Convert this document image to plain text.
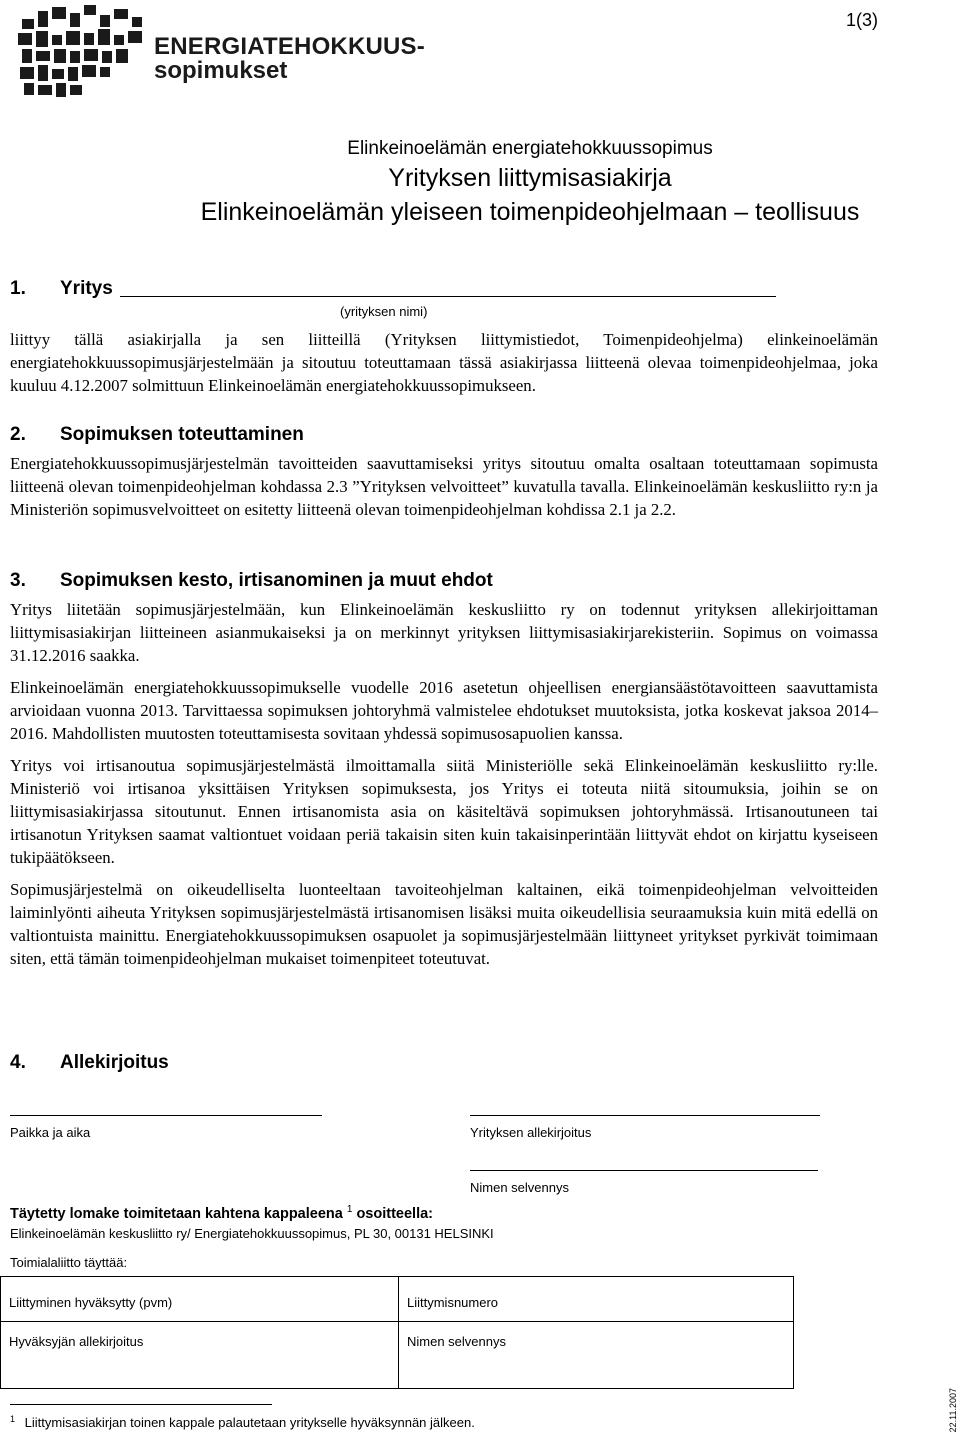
ENERGIATEHOKKUUS-
sopimukset
1(3)
Elinkeinoelämän energiatehokkuussopimus
Yrityksen liittymisasiakirja
Elinkeinoelämän yleiseen toimenpideohjelmaan – teollisuus
1. Yritys
(yrityksen nimi)

liittyy tällä asiakirjalla ja sen liitteillä (Yrityksen liittymistiedot, Toimenpideohjelma) elinkeinoelämän energiatehokkuussopimusjärjestelmään ja sitoutuu toteuttamaan tässä asiakirjassa liitteenä olevaa toimenpideohjelmaa, joka kuuluu 4.12.2007 solmittuun Elinkeinoelämän energiatehokkuussopimukseen.

2. Sopimuksen toteuttaminen

Energiatehokkuussopimusjärjestelmän tavoitteiden saavuttamiseksi yritys sitoutuu omalta osaltaan toteuttamaan sopimusta liitteenä olevan toimenpideohjelman kohdassa 2.3 ”Yrityksen velvoitteet” kuvatulla tavalla. Elinkeinoelämän keskusliitto ry:n ja Ministeriön sopimusvelvoitteet on esitetty liitteenä olevan toimenpideohjelman kohdissa 2.1 ja 2.2.

3. Sopimuksen kesto, irtisanominen ja muut ehdot

Yritys liitetään sopimusjärjestelmään, kun Elinkeinoelämän keskusliitto ry on todennut yrityksen allekirjoittaman liittymisasiakirjan liitteineen asianmukaiseksi ja on merkinnyt yrityksen liittymisasiakirjarekisteriin. Sopimus on voimassa 31.12.2016 saakka.

Elinkeinoelämän energiatehokkuussopimukselle vuodelle 2016 asetetun ohjeellisen energiansäästötavoitteen saavuttamista arvioidaan vuonna 2013. Tarvittaessa sopimuksen johtoryhmä valmistelee ehdotukset muutoksista, jotka koskevat jaksoa 2014–2016. Mahdollisten muutosten toteuttamisesta sovitaan yhdessä sopimusosapuolien kanssa.

Yritys voi irtisanoutua sopimusjärjestelmästä ilmoittamalla siitä Ministeriölle sekä Elinkeinoelämän keskusliitto ry:lle. Ministeriö voi irtisanoa yksittäisen Yrityksen sopimuksesta, jos Yritys ei toteuta niitä sitoumuksia, joihin se on liittymisasiakirjassa sitoutunut. Ennen irtisanomista asia on käsiteltävä sopimuksen johtoryhmässä. Irtisanoutuneen tai irtisanotun Yrityksen saamat valtiontuet voidaan periä takaisin siten kuin takaisinperintään liittyvät ehdot on kirjattu kyseiseen tukipäätökseen.

Sopimusjärjestelmä on oikeudelliselta luonteeltaan tavoiteohjelman kaltainen, eikä toimenpideohjelman velvoitteiden laiminlyönti aiheuta Yrityksen sopimusjärjestelmästä irtisanomisen lisäksi muita oikeudellisia seuraamuksia kuin mitä edellä on valtiontuista mainittu. Energiatehokkuussopimuksen osapuolet ja sopimusjärjestelmään liittyneet yritykset pyrkivät toimimaan siten, että tämän toimenpideohjelman mukaiset toimenpiteet toteutuvat.

4. Allekirjoitus
Paikka ja aika	Yrityksen allekirjoitus
Nimen selvennys
Täytetty lomake toimitetaan kahtena kappaleena $^1$ osoitteella:
Elinkeinoelämän keskusliitto ry/ Energiatehokkuussopimus, PL 30, 00131 HELSINKI
Toimialaliitto täyttää:
Liittyminen hyväksytty (pvm)	Liittymisnumero
Hyväksyjän allekirjoitus	Nimen selvennys
$^1$ Liittymisasiakirjan toinen kappale palautetaan yritykselle hyväksynnän jälkeen.	22.11.2007
